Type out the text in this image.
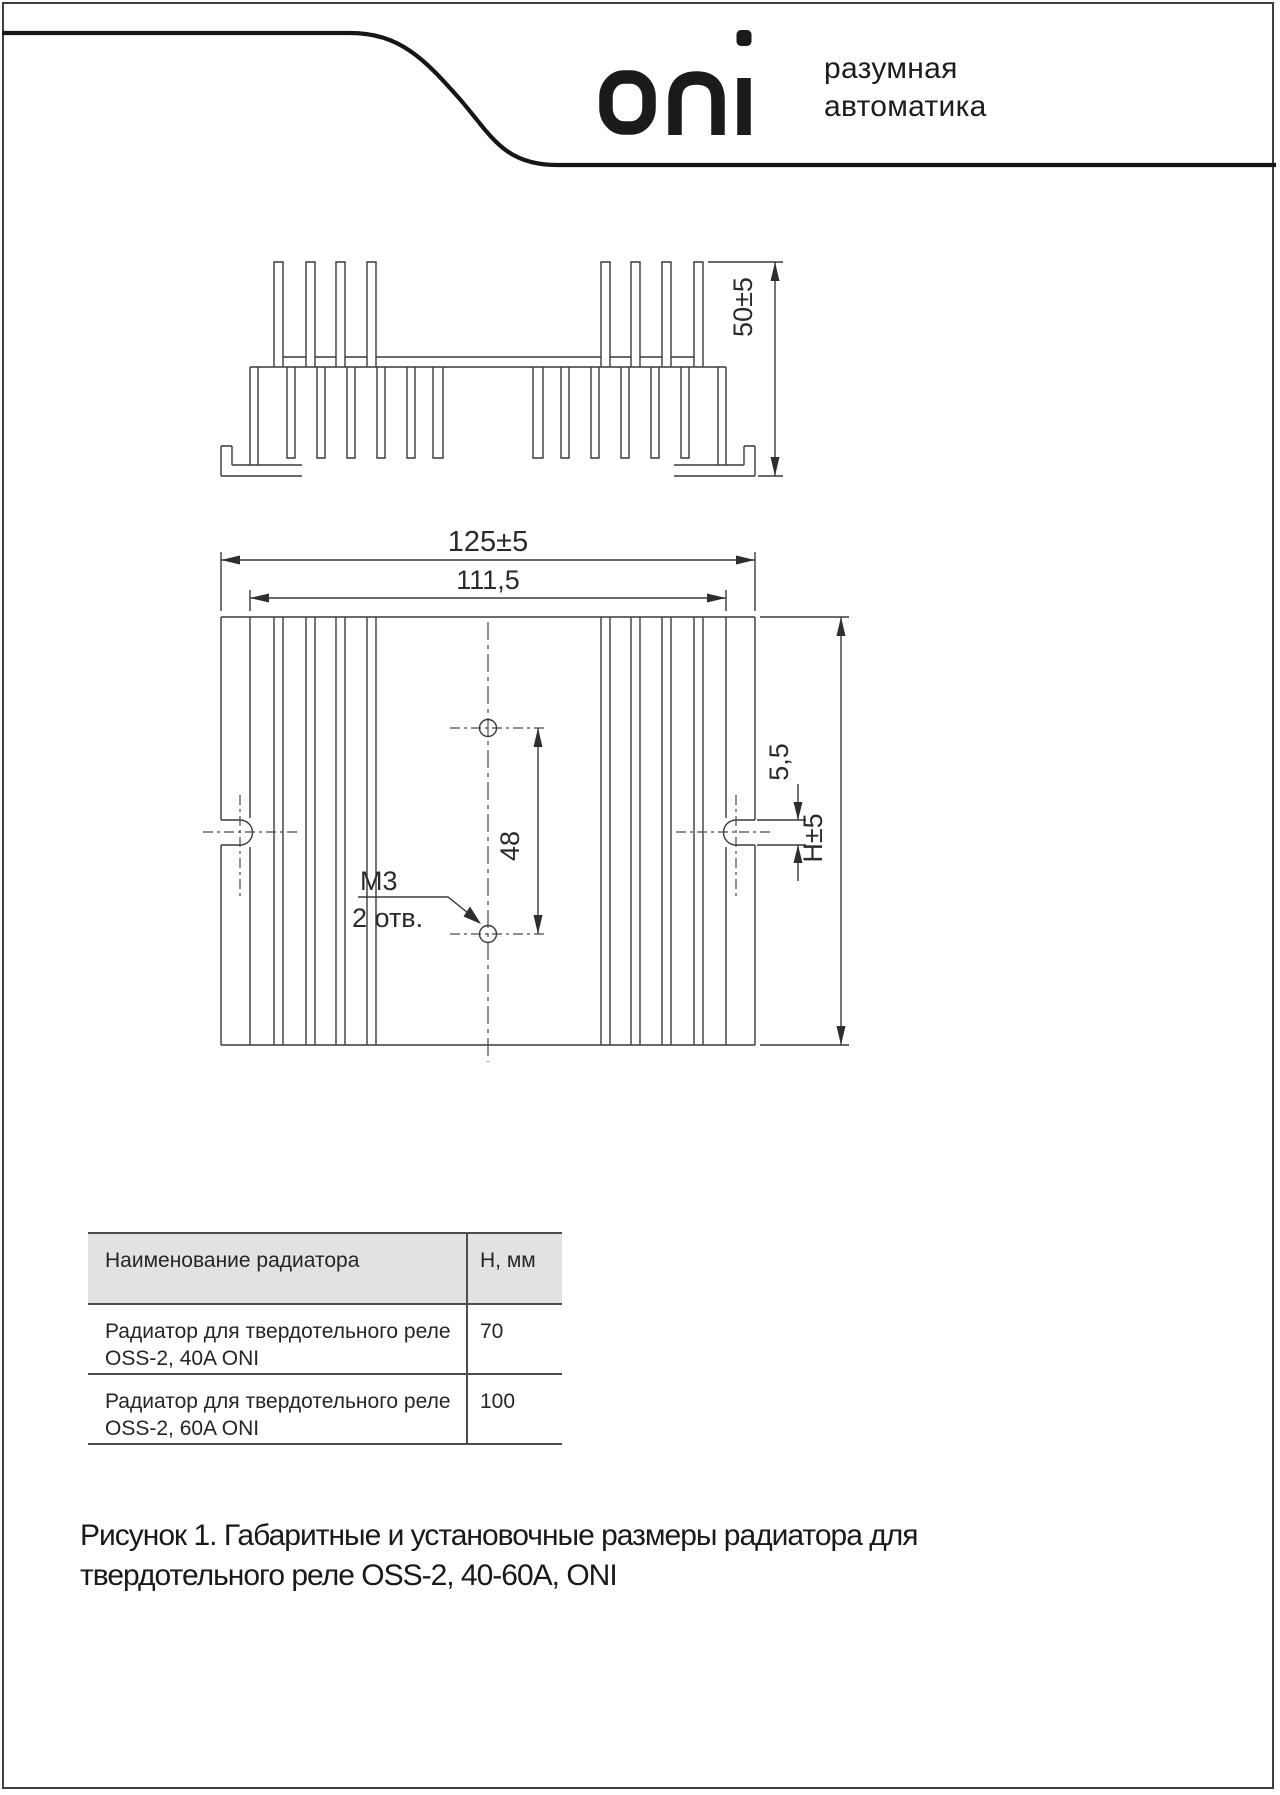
50±5
48
125±5
111,5
5,5
H±5
M3
2 отв.
разумная
автоматика
Наименование радиатора	Н, мм
Радиатор для твердотельного реле
OSS-2, 40A ONI
70
Радиатор для твердотельного реле
OSS-2, 60A ONI
100
Рисунок 1. Габаритные и установочные размеры радиатора для
твердотельного реле OSS-2, 40-60А, ONI
